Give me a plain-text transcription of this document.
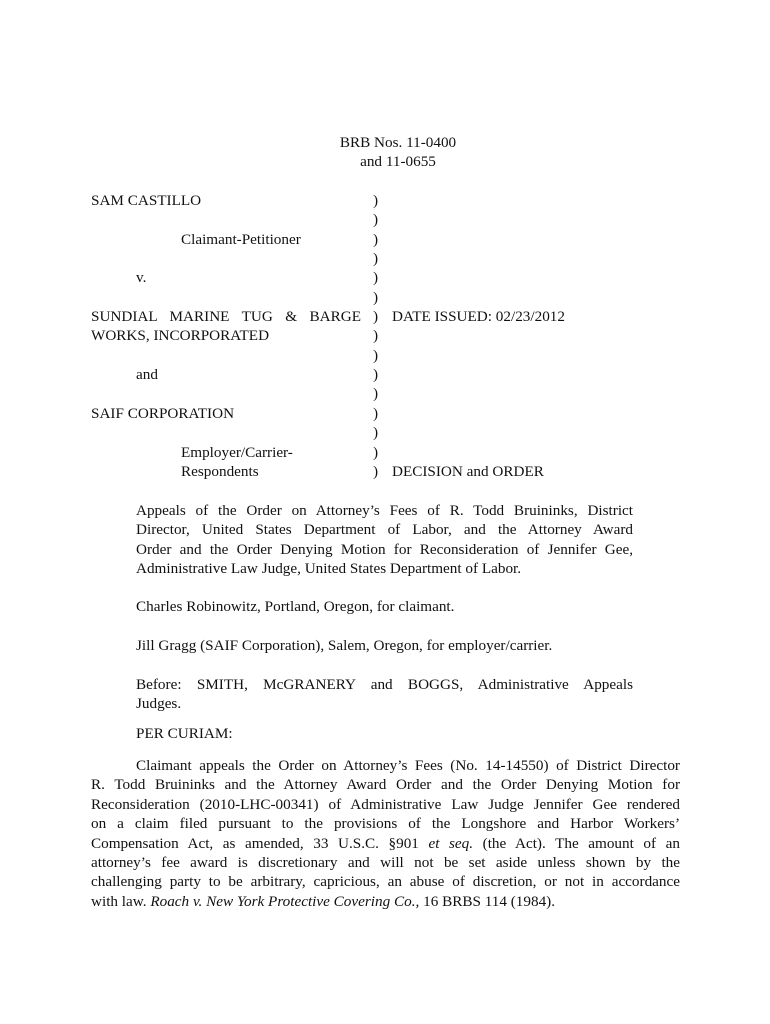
BRB Nos. 11-0400
and 11-0655
SAM CASTILLO
Claimant-Petitioner
v.
SUNDIAL MARINE TUG & BARGE
WORKS, INCORPORATED
and
SAIF CORPORATION
Employer/Carrier-
Respondents
)
)
)
)
)
)
)
)
)
)
)
)
)
)
)
DATE ISSUED: 02/23/2012
DECISION and ORDER
Appeals of the Order on Attorney’s Fees of R. Todd Bruininks, District
Director, United States Department of Labor, and the Attorney Award
Order and the Order Denying Motion for Reconsideration of Jennifer Gee,
Administrative Law Judge, United States Department of Labor.
Charles Robinowitz, Portland, Oregon, for claimant.
Jill Gragg (SAIF Corporation), Salem, Oregon, for employer/carrier.
Before: SMITH, McGRANERY and BOGGS, Administrative Appeals
Judges.
PER CURIAM:
Claimant appeals the Order on Attorney’s Fees (No. 14-14550) of District Director
R. Todd Bruininks and the Attorney Award Order and the Order Denying Motion for
Reconsideration (2010-LHC-00341) of Administrative Law Judge Jennifer Gee rendered
on a claim filed pursuant to the provisions of the Longshore and Harbor Workers’
Compensation Act, as amended, 33 U.S.C. §901 et seq. (the Act). The amount of an
attorney’s fee award is discretionary and will not be set aside unless shown by the
challenging party to be arbitrary, capricious, an abuse of discretion, or not in accordance
with law. Roach v. New York Protective Covering Co., 16 BRBS 114 (1984).
